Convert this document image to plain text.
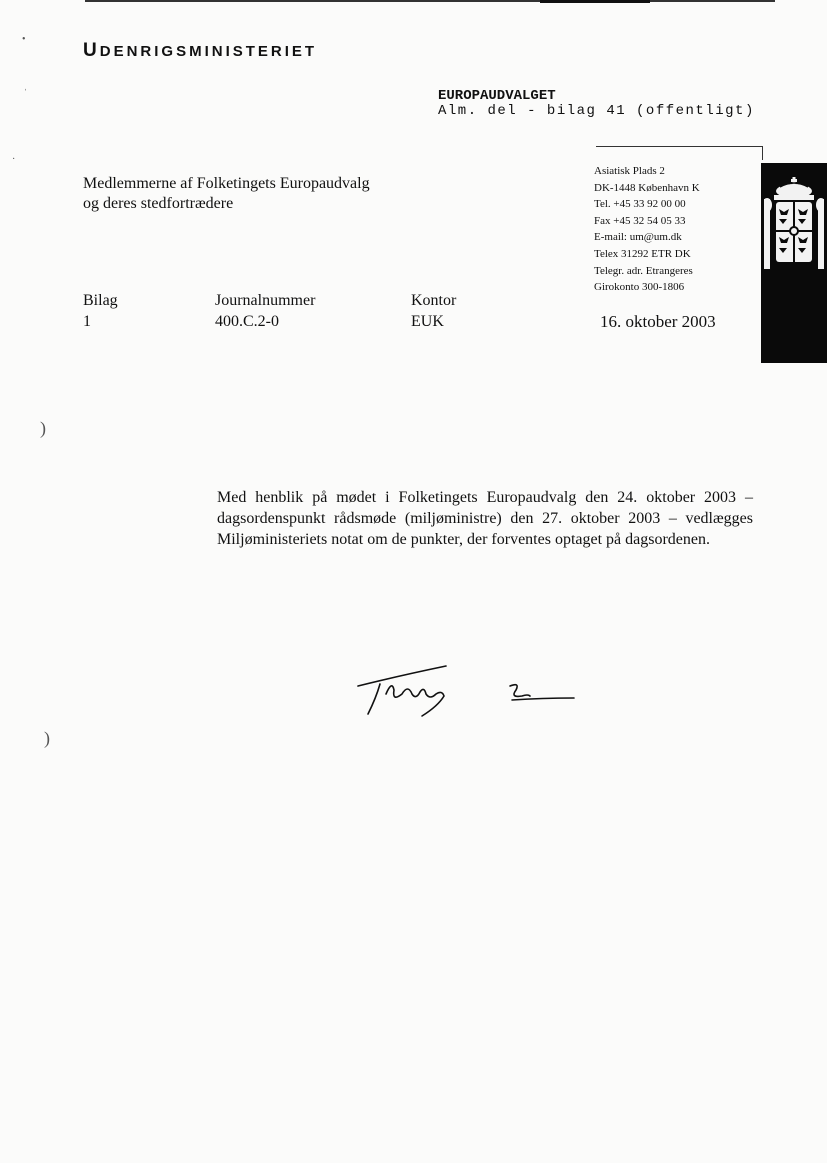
•
ˌ
·
UDENRIGSMINISTERIET
EUROPAUDVALGET
Alm. del - bilag 41 (offentligt)
Asiatisk Plads 2
DK-1448 København K
Tel. +45 33 92 00 00
Fax +45 32 54 05 33
E-mail: um@um.dk
Telex 31292 ETR DK
Telegr. adr. Etrangeres
Girokonto 300-1806
Medlemmerne af Folketingets Europaudvalg
og deres stedfortrædere
Bilag
1
Journalnummer
400.C.2-0
Kontor
EUK	16. oktober 2003
)
)
Med henblik på mødet i Folketingets Europaudvalg den 24. oktober 2003 – dagsordenspunkt rådsmøde (miljøministre) den 27. oktober 2003 – vedlægges Miljøministeriets notat om de punkter, der forventes optaget på dagsordenen.
